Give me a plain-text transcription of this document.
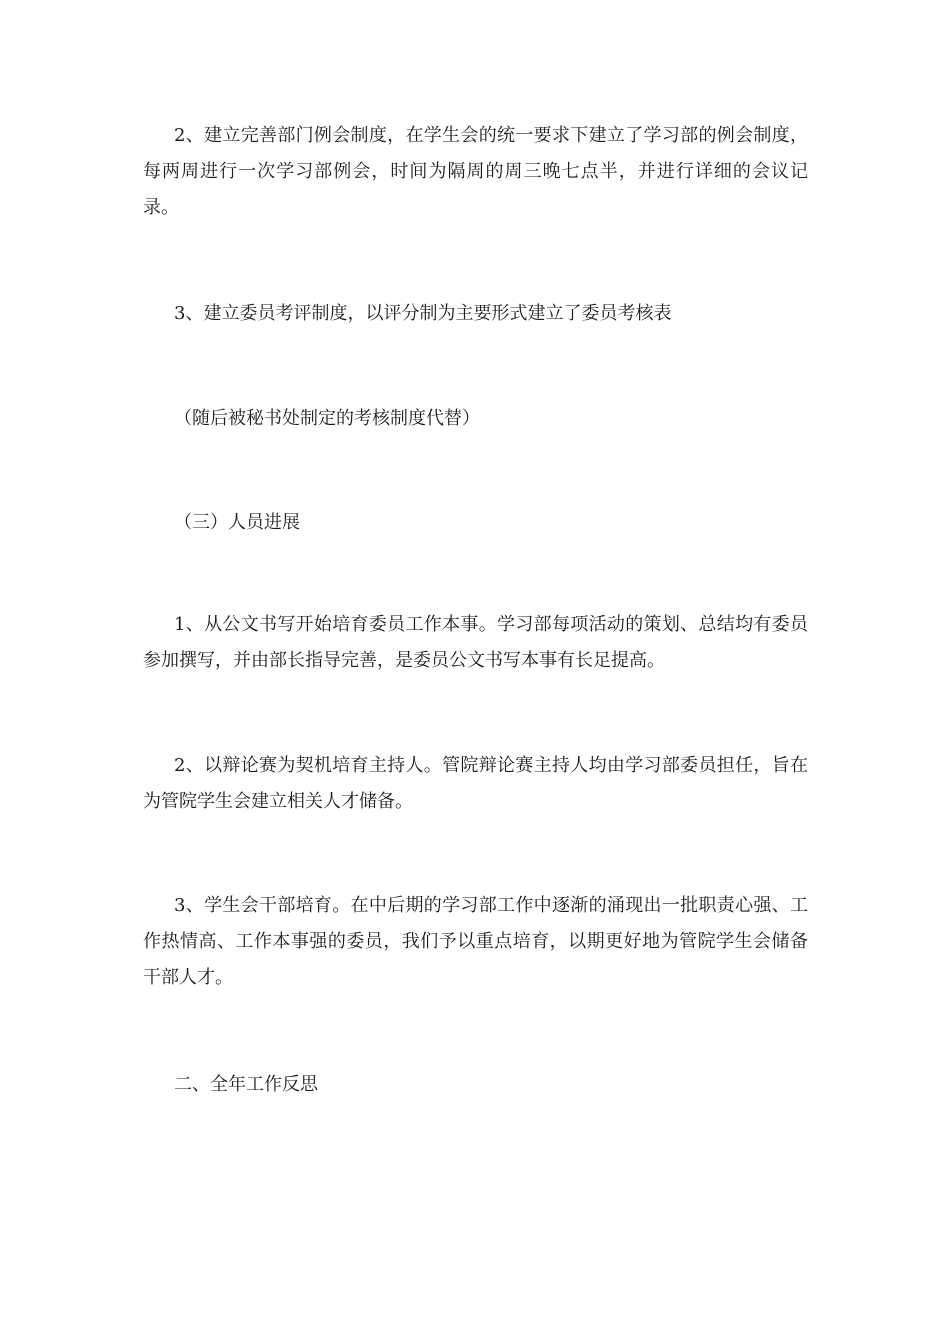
2、建立完善部门例会制度，在学生会的统一要求下建立了学习部的例会制度，每两周进行一次学习部例会，时间为隔周的周三晚七点半，并进行详细的会议记录。

3、建立委员考评制度，以评分制为主要形式建立了委员考核表

（随后被秘书处制定的考核制度代替）

（三）人员进展

1、从公文书写开始培育委员工作本事。学习部每项活动的策划、总结均有委员参加撰写，并由部长指导完善，是委员公文书写本事有长足提高。

2、以辩论赛为契机培育主持人。管院辩论赛主持人均由学习部委员担任，旨在为管院学生会建立相关人才储备。

3、学生会干部培育。在中后期的学习部工作中逐渐的涌现出一批职责心强、工作热情高、工作本事强的委员，我们予以重点培育，以期更好地为管院学生会储备干部人才。

二、全年工作反思
